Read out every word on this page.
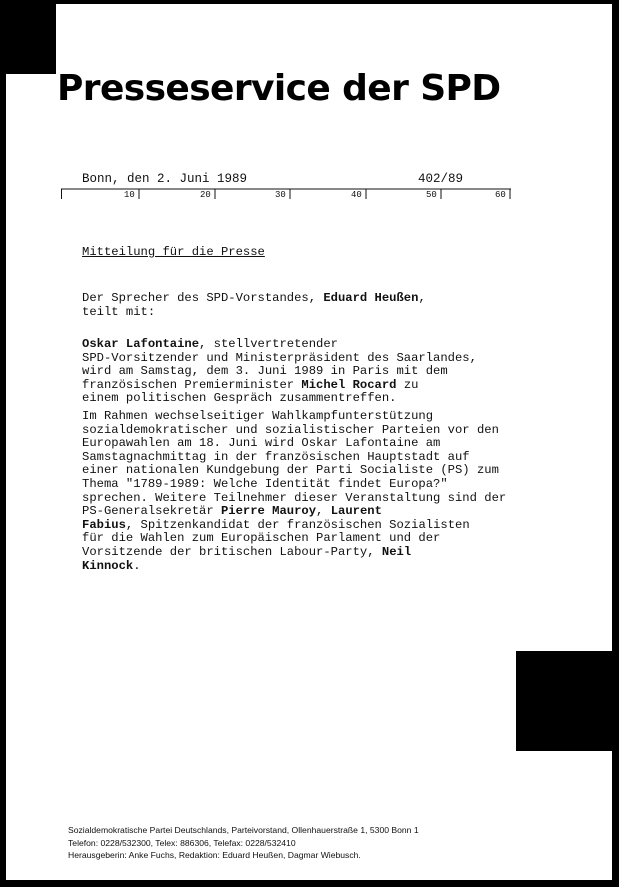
Presseservice der SPD
Bonn, den 2. Juni 1989	402/89
10	20	30	40	50	60
Mitteilung für die Presse
Der Sprecher des SPD-Vorstandes, Eduard Heußen,
teilt mit:
Oskar Lafontaine, stellvertretender
SPD-Vorsitzender und Ministerpräsident des Saarlandes,
wird am Samstag, dem 3. Juni 1989 in Paris mit dem
französischen Premierminister Michel Rocard zu
einem politischen Gespräch zusammentreffen.
Im Rahmen wechselseitiger Wahlkampfunterstützung
sozialdemokratischer und sozialistischer Parteien vor den
Europawahlen am 18. Juni wird Oskar Lafontaine am
Samstagnachmittag in der französischen Hauptstadt auf
einer nationalen Kundgebung der Parti Socialiste (PS) zum
Thema "1789-1989: Welche Identität findet Europa?"
sprechen. Weitere Teilnehmer dieser Veranstaltung sind der
PS-Generalsekretär Pierre Mauroy, Laurent
Fabius, Spitzenkandidat der französischen Sozialisten
für die Wahlen zum Europäischen Parlament und der
Vorsitzende der britischen Labour-Party, Neil
Kinnock.
Sozialdemokratische Partei Deutschlands, Parteivorstand, Ollenhauerstraße 1, 5300 Bonn 1
Telefon: 0228/532300, Telex: 886306, Telefax: 0228/532410
Herausgeberin: Anke Fuchs, Redaktion: Eduard Heußen, Dagmar Wiebusch.
